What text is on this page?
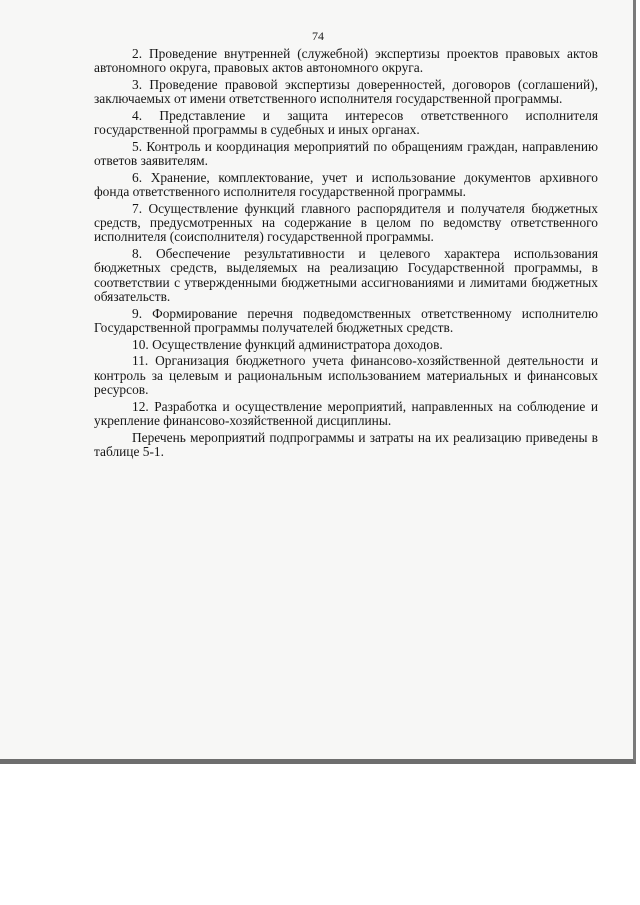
74

2. Проведение внутренней (служебной) экспертизы проектов правовых актов автономного округа, правовых актов автономного округа.

3. Проведение правовой экспертизы доверенностей, договоров (соглашений), заключаемых от имени ответственного исполнителя государственной программы.

4. Представление и защита интересов ответственного исполнителя государственной программы в судебных и иных органах.

5. Контроль и координация мероприятий по обращениям граждан, направлению ответов заявителям.

6. Хранение, комплектование, учет и использование документов архивного фонда ответственного исполнителя государственной программы.

7. Осуществление функций главного распорядителя и получателя бюджетных средств, предусмотренных на содержание в целом по ведомству ответственного исполнителя (соисполнителя) государственной программы.

8. Обеспечение результативности и целевого характера использования бюджетных средств, выделяемых на реализацию Государственной программы, в соответствии с утвержденными бюджетными ассигнованиями и лимитами бюджетных обязательств.

9. Формирование перечня подведомственных ответственному исполнителю Государственной программы получателей бюджетных средств.

10. Осуществление функций администратора доходов.

11. Организация бюджетного учета финансово-хозяйственной деятельности и контроль за целевым и рациональным использованием материальных и финансовых ресурсов.

12. Разработка и осуществление мероприятий, направленных на соблюдение и укрепление финансово-хозяйственной дисциплины.

Перечень мероприятий подпрограммы и затраты на их реализацию приведены в таблице 5-1.
